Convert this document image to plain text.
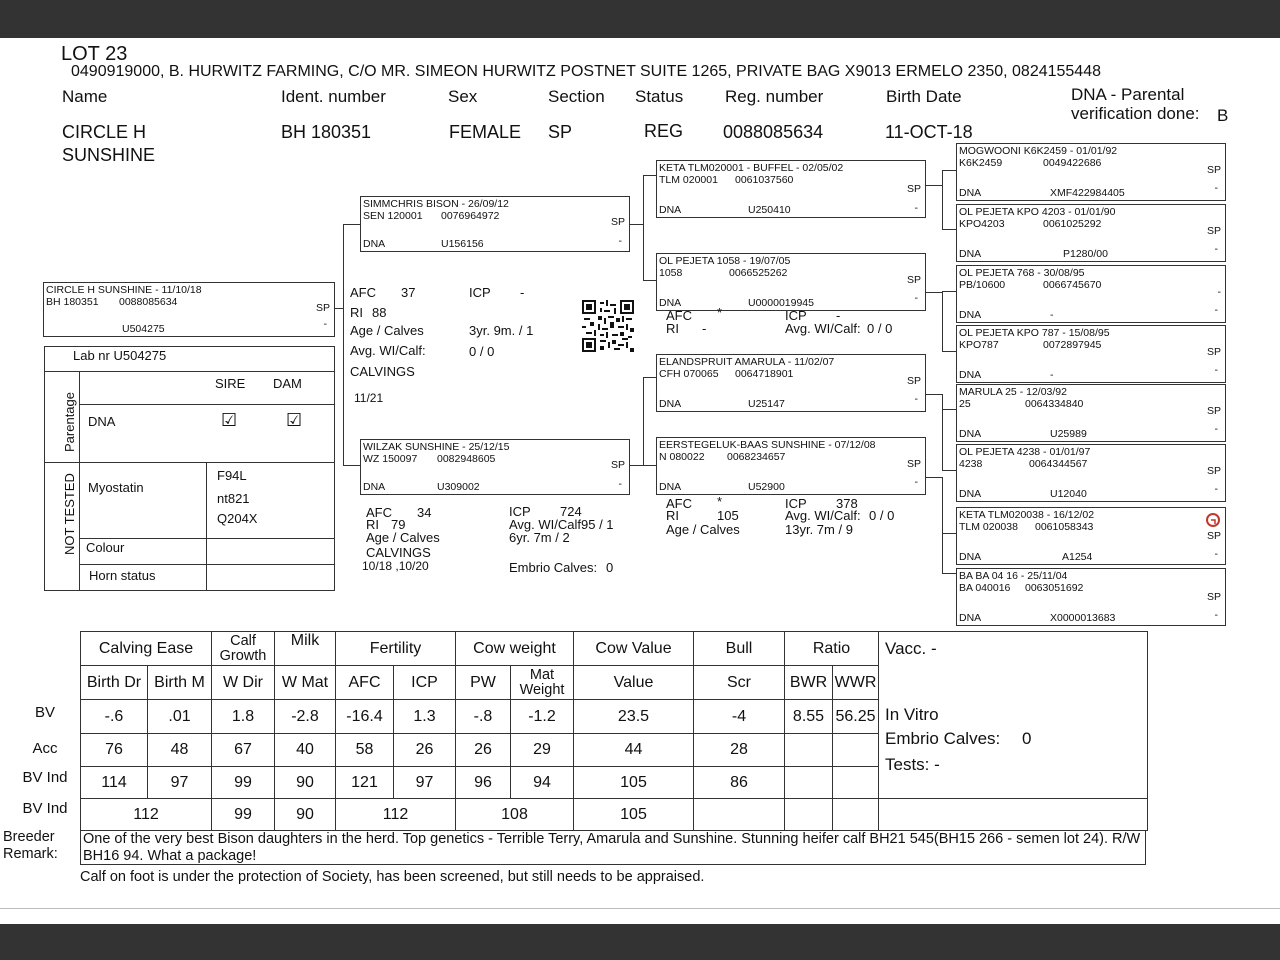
LOT 23
0490919000, B. HURWITZ FARMING, C/O MR. SIMEON HURWITZ POSTNET SUITE 1265, PRIVATE BAG X9013 ERMELO 2350, 0824155448
Name	Ident. number	Sex	Section Status Reg. number	Birth Date	DNA - Parental
verification done: B
CIRCLE H
SUNSHINE
BH 180351	FEMALE SP	REG 0088085634	11-OCT-18
CIRCLE H SUNSHINE - 11/10/18
BH 180351 0088085634	SP
-
U504275
SIMMCHRIS BISON - 26/09/12
SEN 120001 0076964972	SP
-
DNA	U156156
WILZAK SUNSHINE - 25/12/15
WZ 150097 0082948605	SP
-
DNA	U309002
KETA TLM020001 - BUFFEL - 02/05/02
TLM 020001 0061037560
SP
-
DNA	U250410
OL PEJETA 1058 - 19/07/05
1058	0066525262
SP
-
DNA	U0000019945
ELANDSPRUIT AMARULA - 11/02/07
CFH 070065 0064718901
SP
-
DNA	U25147
EERSTEGELUK-BAAS SUNSHINE - 07/12/08
N 080022 0068234657
SP
-
DNA	U52900
MOGWOONI K6K2459 - 01/01/92
K6K2459	0049422686
SP
-
DNA	XMF422984405
OL PEJETA KPO 4203 - 01/01/90
KPO4203	0061025292
SP
-
DNA	P1280/00
OL PEJETA 768 - 30/08/95
PB/10600	0066745670
-
-
DNA	-
OL PEJETA KPO 787 - 15/08/95
KPO787	0072897945
SP
-
DNA	-
MARULA 25 - 12/03/92
25	0064334840
SP
-
DNA	U25989
OL PEJETA 4238 - 01/01/97
4238	0064344567
SP
-
DNA	U12040
KETA TLM020038 - 16/12/02
TLM 020038 0061058343
SP
-
DNA	A1254
BA BA 04 16 - 25/11/04
BA 040016 0063051692
SP
-
DNA	X0000013683
AFC 37	ICP -
RI 88
Age / Calves	3yr. 9m. / 1
Avg. WI/Calf:	0 / 0
CALVINGS
11/21
AFC *	ICP -
RI -	Avg. WI/Calf: 0 / 0
AFC *	ICP 378
RI	105	Avg. WI/Calf: 0 / 0
Age / Calves	13yr. 7m / 9
AFC 34	ICP 724
RI 79	Avg. WI/Calf 95 / 1
Age / Calves	6yr. 7m / 2
CALVINGS
10/18 ,10/20	Embrio Calves: 0
Lab nr U504275
SIRE DAM
DNA	☑	☑
Myostatin
F94L
nt821
Q204X
Colour
Horn status
Parentage
NOT TESTED
BV
Acc
BV Ind
BV Ind
Calving Ease		Calf Growth	Milk	Fertility		Cow weight		Cow Value	Bull	Ratio		Vacc. -
In Vitro
Embrio Calves: 0
Tests: -

Birth Dr	Birth M	W Dir	W Mat	AFC	ICP	PW	Mat Weight	Value	Scr	BWR	WWR	
-.6	.01	1.8	-2.8	-16.4	1.3	-.8	-1.2	23.5	-4	8.55	56.25	
76	48	67	40	58	26	26	29	44	28			
114	97	99	90	121	97	96	94	105	86			
112		99	90	112		108		105				
Breeder
Remark:
One of the very best Bison daughters in the herd. Top genetics - Terrible Terry, Amarula and Sunshine. Stunning heifer calf BH21 545(BH15 266 - semen lot 24). R/W BH16 94. What a package!
Calf on foot is under the protection of Society, has been screened, but still needs to be appraised.
